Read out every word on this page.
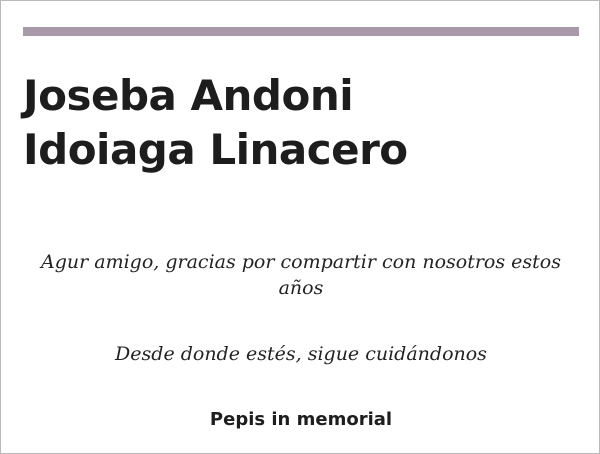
Joseba Andoni
Idoiaga Linacero
Agur amigo, gracias por compartir con nosotros estos años
Desde donde estés, sigue cuidándonos
Pepis in memorial
